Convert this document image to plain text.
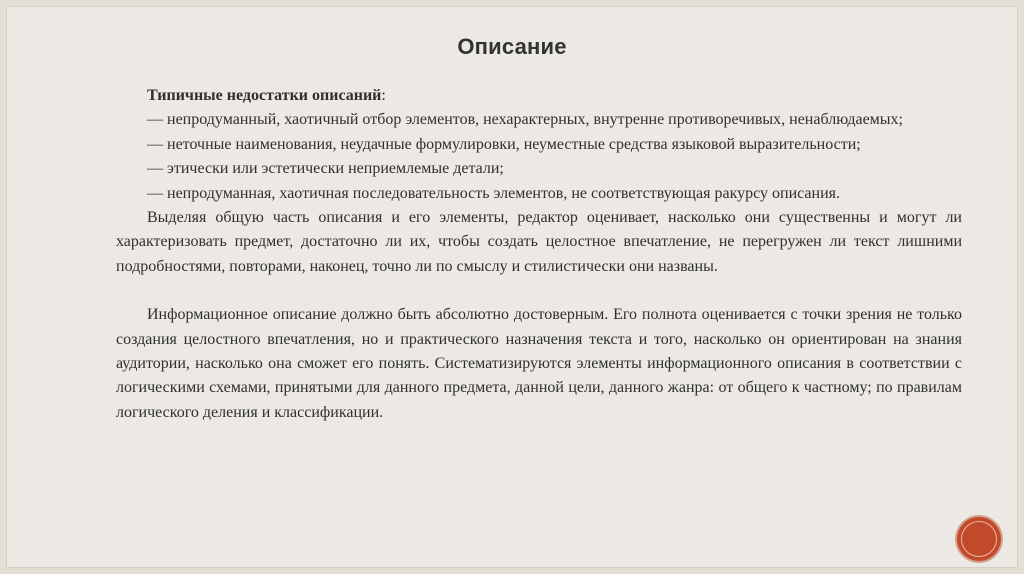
Описание

Типичные недостатки описаний:

— непродуманный, хаотичный отбор элементов, нехарактерных, внутренне противоречивых, ненаблюдаемых;

— неточные наименования, неудачные формулировки, неуместные средства языковой выразительности;

— этически или эстетически неприемлемые детали;

— непродуманная, хаотичная последовательность элементов, не соответствующая ракурсу описания.

Выделяя общую часть описания и его элементы, редактор оценивает, насколько они существенны и могут ли характеризовать предмет, достаточно ли их, чтобы создать целостное впечатление, не перегружен ли текст лишними подробностями, повторами, наконец, точно ли по смыслу и стилистически они названы.

Информационное описание должно быть абсолютно достоверным. Его полнота оценивается с точки зрения не только создания целостного впечатления, но и практического назначения текста и того, насколько он ориентирован на знания аудитории, насколько она сможет его понять. Систематизируются элементы информационного описания в соответствии с логическими схемами, принятыми для данного предмета, данной цели, данного жанра: от общего к частному; по правилам логического деления и классификации.
